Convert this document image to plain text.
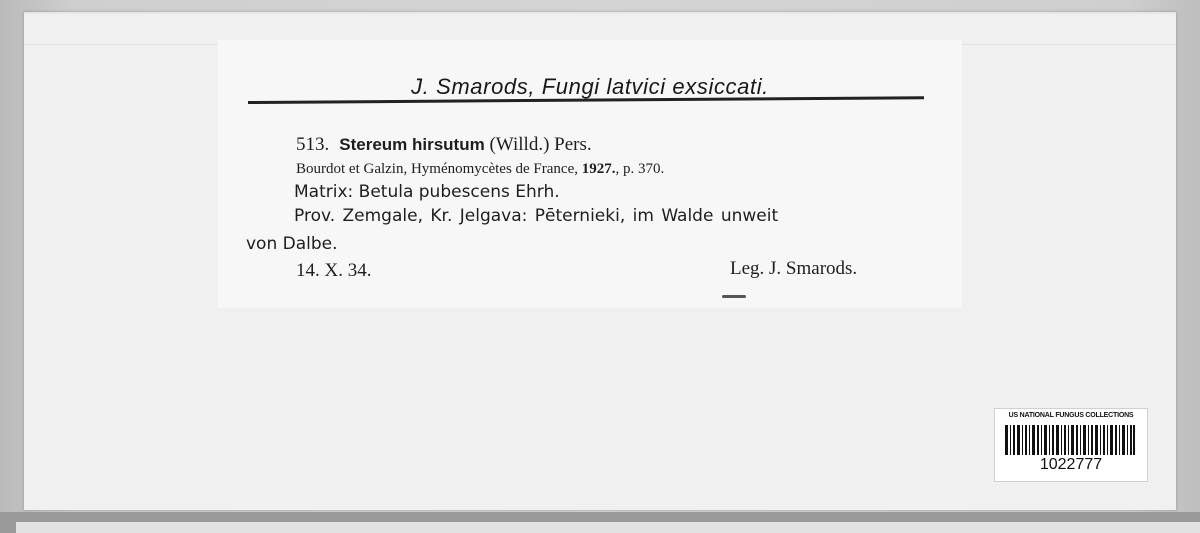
J. Smarods, Fungi latvici exsiccati.
513. Stereum hirsutum (Willd.) Pers.
Bourdot et Galzin, Hyménomycètes de France, 1927., p. 370.
Matrix: Betula pubescens Ehrh.
Prov. Zemgale, Kr. Jelgava: Pēternieki, im Walde unweit
von Dalbe.
14. X. 34.	Leg. J. Smarods.
US NATIONAL FUNGUS COLLECTIONS
1022777
